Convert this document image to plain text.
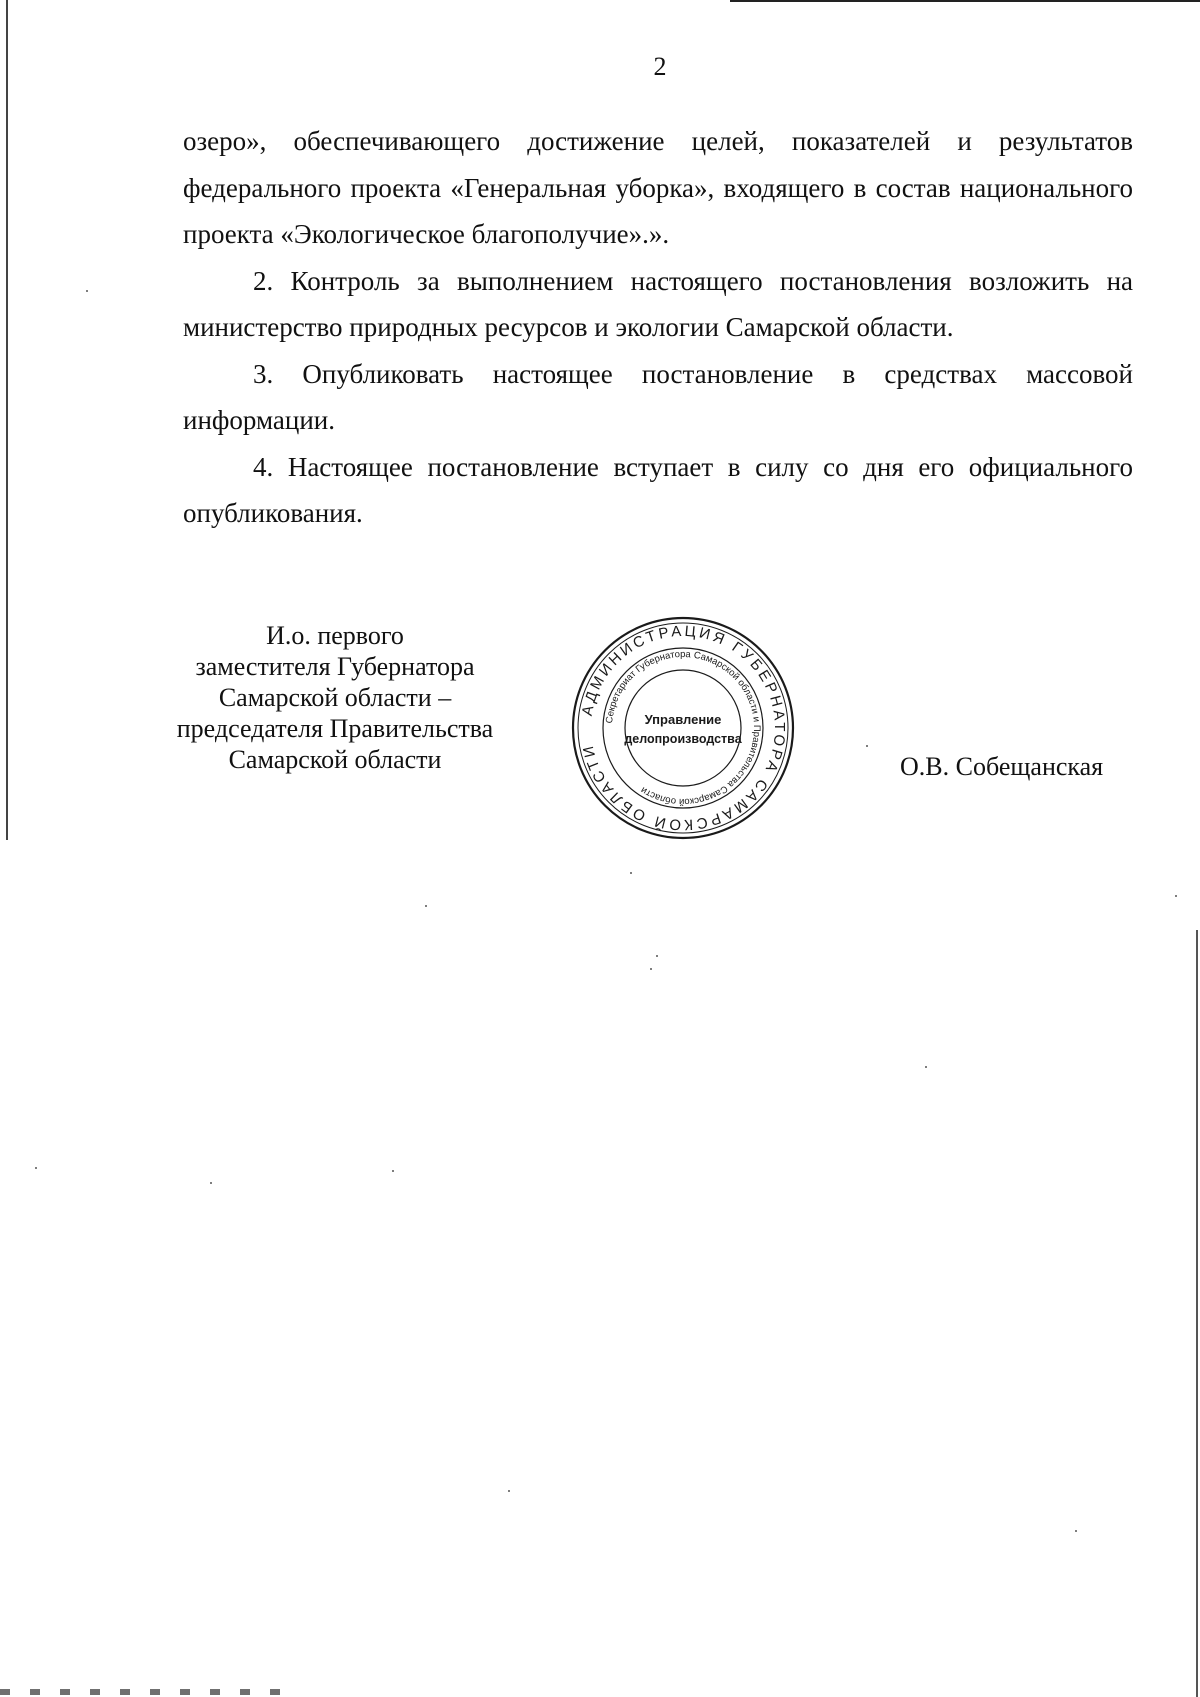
2

озеро», обеспечивающего достижение целей, показателей и результатов федерального проекта «Генеральная уборка», входящего в состав национального проекта «Экологическое благополучие».».

2. Контроль за выполнением настоящего постановления возложить на министерство природных ресурсов и экологии Самарской области.

3. Опубликовать настоящее постановление в средствах массовой информации.

4. Настоящее постановление вступает в силу со дня его официального опубликования.

И.о. первого
заместителя Губернатора
Самарской области –
председателя Правительства
Самарской области
АДМИНИСТРАЦИЯ ГУБЕРНАТОРА САМАРСКОЙ ОБЛАСТИ
Секретариат Губернатора Самарской области и Правительства Самарской области
Управление
делопроизводства
О.В. Собещанская
